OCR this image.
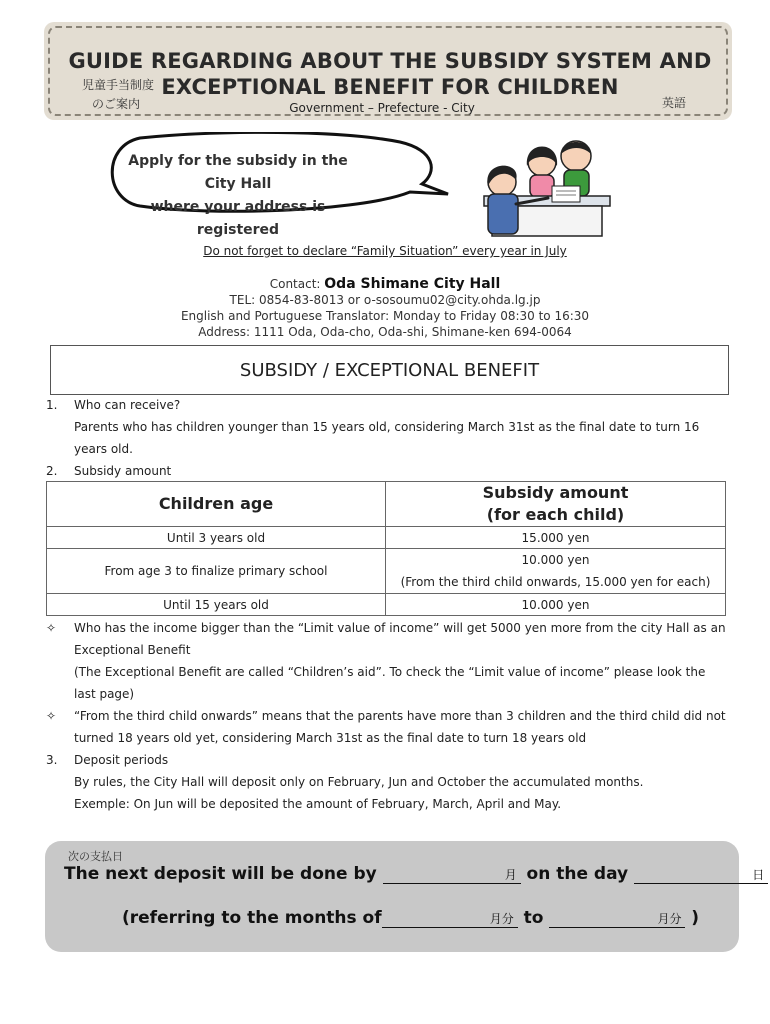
GUIDE REGARDING ABOUT THE SUBSIDY SYSTEM AND
EXCEPTIONAL BENEFIT FOR CHILDREN
Government – Prefecture - City
児童手当制度
のご案内	英語
Apply for the subsidy in the City Hall
where your address is registered
Do not forget to declare “Family Situation” every year in July
Contact: Oda Shimane City Hall
TEL: 0854-83-8013 or o-sosoumu02@city.ohda.lg.jp
English and Portuguese Translator: Monday to Friday 08:30 to 16:30
Address: 1111 Oda, Oda-cho, Oda-shi, Shimane-ken 694-0064
SUBSIDY / EXCEPTIONAL BENEFIT
1. Who can receive?
Parents who has children younger than 15 years old, considering March 31st as the final date to turn 16
years old.
2. Subsidy amount
Children age	Subsidy amount
(for each child)

Until 3 years old	15.000 yen
From age 3 to finalize primary school	10.000 yen
(From the third child onwards, 15.000 yen for each)

Until 15 years old	10.000 yen
✧ Who has the income bigger than the “Limit value of income” will get 5000 yen more from the city Hall as an
Exceptional Benefit
(The Exceptional Benefit are called “Children’s aid”. To check the “Limit value of income” please look the
last page)
✧ “From the third child onwards” means that the parents have more than 3 children and the third child did not
turned 18 years old yet, considering March 31st as the final date to turn 18 years old
3. Deposit periods
By rules, the City Hall will deposit only on February, Jun and October the accumulated months.
Exemple: On Jun will be deposited the amount of February, March, April and May.
次の支払日
The next deposit will be done by	月 on the day	日
(referring to the months of	月分 to	月分 )
